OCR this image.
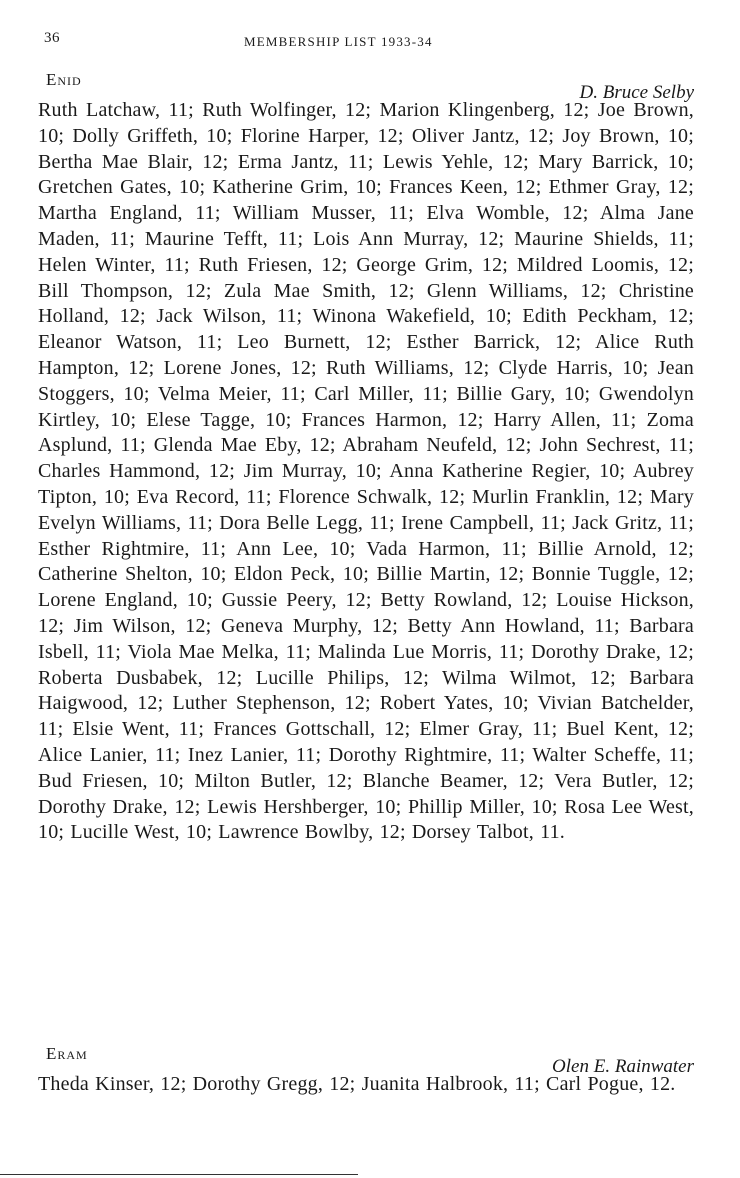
36	MEMBERSHIP LIST 1933-34
Enid
D. Bruce Selby

Ruth Latchaw, 11; Ruth Wolfinger, 12; Marion Klingenberg, 12; Joe Brown, 10; Dolly Griffeth, 10; Florine Harper, 12; Oliver Jantz, 12; Joy Brown, 10; Bertha Mae Blair, 12; Erma Jantz, 11; Lewis Yehle, 12; Mary Barrick, 10; Gretchen Gates, 10; Katherine Grim, 10; Frances Keen, 12; Ethmer Gray, 12; Martha England, 11; William Musser, 11; Elva Womble, 12; Alma Jane Maden, 11; Maurine Tefft, 11; Lois Ann Murray, 12; Maurine Shields, 11; Helen Winter, 11; Ruth Friesen, 12; George Grim, 12; Mildred Loomis, 12; Bill Thompson, 12; Zula Mae Smith, 12; Glenn Williams, 12; Christine Holland, 12; Jack Wilson, 11; Winona Wakefield, 10; Edith Peckham, 12; Eleanor Watson, 11; Leo Burnett, 12; Esther Barrick, 12; Alice Ruth Hampton, 12; Lorene Jones, 12; Ruth Williams, 12; Clyde Harris, 10; Jean Stoggers, 10; Velma Meier, 11; Carl Miller, 11; Billie Gary, 10; Gwendolyn Kirtley, 10; Elese Tagge, 10; Frances Harmon, 12; Harry Allen, 11; Zoma Asplund, 11; Glenda Mae Eby, 12; Abraham Neufeld, 12; John Sechrest, 11; Charles Hammond, 12; Jim Murray, 10; Anna Katherine Regier, 10; Aubrey Tipton, 10; Eva Record, 11; Florence Schwalk, 12; Murlin Franklin, 12; Mary Evelyn Williams, 11; Dora Belle Legg, 11; Irene Campbell, 11; Jack Gritz, 11; Esther Rightmire, 11; Ann Lee, 10; Vada Harmon, 11; Billie Arnold, 12; Catherine Shelton, 10; Eldon Peck, 10; Billie Martin, 12; Bonnie Tuggle, 12; Lorene England, 10; Gussie Peery, 12; Betty Rowland, 12; Louise Hickson, 12; Jim Wilson, 12; Geneva Murphy, 12; Betty Ann Howland, 11; Barbara Isbell, 11; Viola Mae Melka, 11; Malinda Lue Morris, 11; Dorothy Drake, 12; Roberta Dusbabek, 12; Lucille Philips, 12; Wilma Wilmot, 12; Barbara Haigwood, 12; Luther Stephenson, 12; Robert Yates, 10; Vivian Batchelder, 11; Elsie Went, 11; Frances Gottschall, 12; Elmer Gray, 11; Buel Kent, 12; Alice Lanier, 11; Inez Lanier, 11; Dorothy Rightmire, 11; Walter Scheffe, 11; Bud Friesen, 10; Milton Butler, 12; Blanche Beamer, 12; Vera Butler, 12; Dorothy Drake, 12; Lewis Hershberger, 10; Phillip Miller, 10; Rosa Lee West, 10; Lucille West, 10; Lawrence Bowlby, 12; Dorsey Talbot, 11.

Eram
Olen E. Rainwater

Theda Kinser, 12; Dorothy Gregg, 12; Juanita Halbrook, 11; Carl Pogue, 12.
